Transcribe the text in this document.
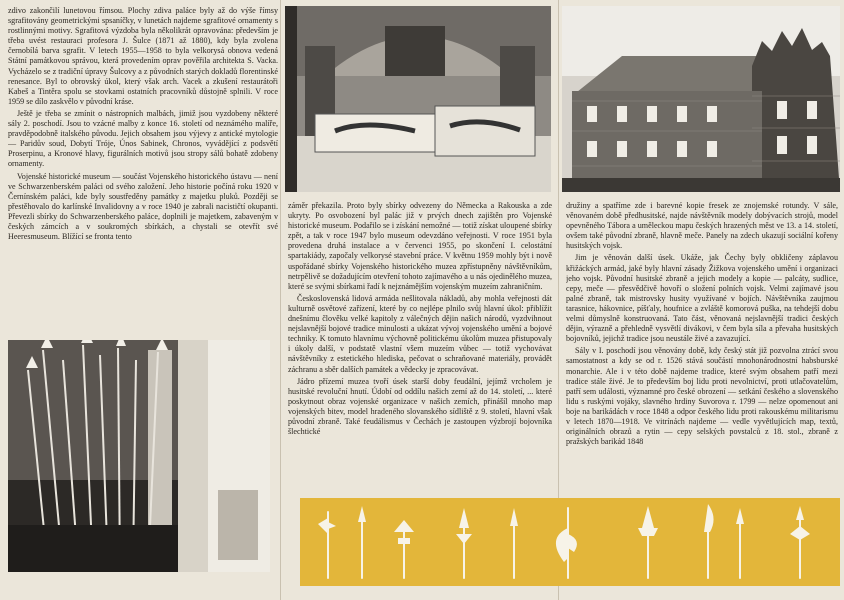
zdivo zakončilí lunetovou římsou. Plochy zdiva paláce byly až do výše římsy sgrafitovány geometrickými spsaníčky, v lunetách najdeme sgrafitové ornamenty s rostlinnými motivy. Sgrafitová výzdoba byla několikrát opravována: především je třeba uvést restauraci profesora J. Šulce (1871 až 1880), kdy byla zvolena černobílá barva sgrafit. V letech 1955—1958 to byla velkorysá obnova vedená Státní památkovou správou, která provedením oprav pověřila architekta S. Vacka. Vycházelo se z tradiční úpravy Šulcovy a z původních starých dokladů florentinské renesance. Byl to obrovský úkol, který však arch. Vacek a zkušení restaurátoři Kabeš a Tintěra spolu se stovkami ostatních pracovníků důstojně splnili. V roce 1959 se dílo zaskvělo v původní kráse.

Ještě je třeba se zmínit o nástropních malbách, jimiž jsou vyzdobeny některé sály 2. poschodí. Jsou to vzácné malby z konce 16. století od neznámého malíře, pravděpodobně italského původu. Jejich obsahem jsou výjevy z antické mytologie — Paridův soud, Dobytí Tróje, Únos Sabinek, Chronos, vyvádějící z podsvětí Proserpinu, a Kronové hlavy, figurálních motivů jsou stropy sálů bohatě zdobeny ornamenty.

Vojenské historické museum — součást Vojenského historického ústavu — není ve Schwarzenberském paláci od svého založení. Jeho historie počíná roku 1920 v Černínském paláci, kde byly soustředěny památky z majetku pluků. Později se přestěhovalo do karlínské Invalidovny a v roce 1940 je zabrali nacističtí okupanti. Převezli sbírky do Schwarzenberského paláce, doplnili je majetkem, zabaveným v českých zámcích a v soukromých sbírkách, a chystali se otevřít své Heeresmuseum. Blížící se fronta tento

záměr překazila. Proto byly sbírky odvezeny do Německa a Rakouska a zde ukryty. Po osvobození byl palác již v prvých dnech zajištěn pro Vojenské historické museum. Podařilo se i získání nemožné — totiž získat uloupené sbírky zpět, a tak v roce 1947 bylo museum odevzdáno veřejnosti. V roce 1951 byla provedena druhá instalace a v červenci 1955, po skončení I. celostátní spartakiády, započaly velkorysé stavební práce. V květnu 1959 mohly být i nově uspořádané sbírky Vojenského historického muzea zpřístupněny návštěvníkům, netrpělivě se dožadujícím otevření tohoto zajímavého a u nás ojedinělého muzea, které se svými sbírkami řadí k nejznámějším vojenským muzeím zahraničním.

Československá lidová armáda nešlitovala nákladů, aby mohla veřejnosti dát kulturně osvětové zařízení, které by co nejlépe plnilo svůj hlavní úkol: přiblížit dnešnímu člověku velké kapitoly z válečných dějin našich národů, vyzdvihnout nejslavnější bojové tradice minulosti a ukázat vývoj vojenského umění a bojové techniky. K tomuto hlavnímu výchovně politickému úkolům muzea přistupovaly i úkoly další, v podstatě vlastní všem muzeím vůbec — totiž vychovávat návštěvníky z estetického hlediska, pečovat o schraňované materiály, provádět záchranu a sběr dalších památek a vědecky je zpracovávat.

Jádro přízemí muzea tvoří úsek starší doby feudální, jejímž vrcholem je husitské revoluční hnutí. Údobí od oddílu našich zemí až do 14. století, ... které poskytnout obraz vojenské organizace v našich zemích, přinášíl mnoho map vojenských bitev, model hradeného slovanského sídliště z 9. století, hlavní však původní zbraně. Také feudálismus v Čechách je zastoupen výzbrojí bojovníka šlechtické

družiny a spatříme zde i barevné kopie fresek ze znojemské rotundy. V sále, věnovaném době předhusitské, najde návštěvník modely dobývacích strojů, model opevněného Tábora a uměleckou mapu českých hrazených měst ve 13. a 14. století, ovšem také původní zbraně, hlavně meče. Panely na zdech ukazují sociální kořeny husitských vojsk.

Jim je věnován další úsek. Ukáže, jak Čechy byly obkličeny záplavou křižáckých armád, jaké byly hlavní zásady Žižkova vojenského umění i organizaci jeho vojsk. Původní husitské zbraně a jejich modely a kopie — palcáty, sudlice, cepy, meče — přesvědčivě hovoří o složení polních vojsk. Velmi zajímavé jsou palné zbraně, tak mistrovsky husity využívané v bojích. Návštěvníka zaujmou tarasnice, hákovnice, píšťaly, houfnice a zvláště komorová puška, na tehdejší dobu velmi důmyslně konstruovaná. Tato část, věnovaná nejslavnější tradici českých dějin, výrazně a přehledně vysvětlí divákovi, v čem byla síla a převaha husitských bojovníků, jejichž tradice jsou neustále živé a zavazující.

Sály v I. poschodí jsou věnovány době, kdy český stát již pozvolna ztrácí svou samostatnost a kdy se od r. 1526 stává součástí mnohonárodnostní habsburské monarchie. Ale i v této době najdeme tradice, které svým obsahem patří mezi tradice stále živé. Je to především boj lidu proti nevolnictví, proti utlačovatelům, patří sem události, významné pro české obrození — setkání českého a slovenského lidu s ruskými vojáky, slavného hrdiny Suvorova r. 1799 — nelze opomenout ani boje na barikádách v roce 1848 a odpor českého lidu proti rakouskému militarismu v letech 1870—1918. Ve vitrínách najdeme — vedle vyvětlujících map, textů, originálních obrazů a rytin — cepy selských povstalců z 18. stol., zbraně z pražských barikád 1848
